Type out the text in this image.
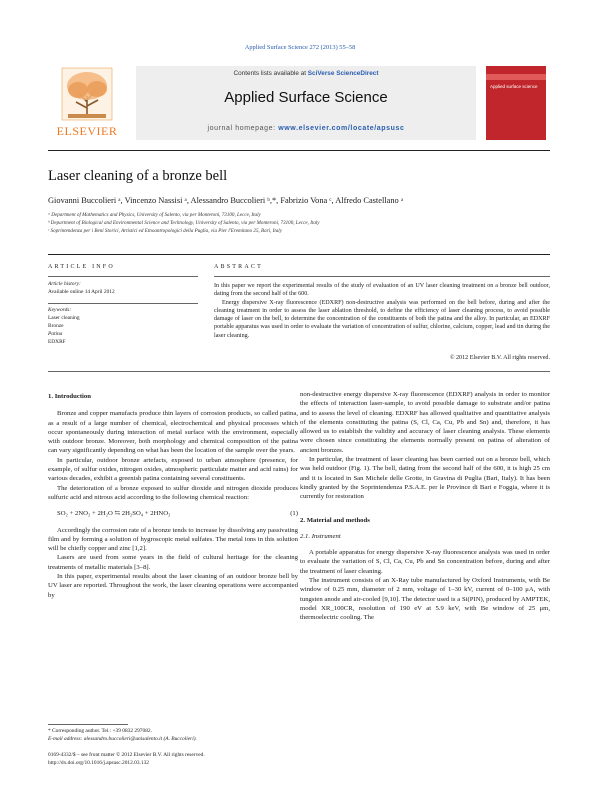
Applied Surface Science 272 (2013) 55–58
ELSEVIER
Contents lists available at SciVerse ScienceDirect
Applied Surface Science
journal homepage: www.elsevier.com/locate/apsusc
Applied surface science
Laser cleaning of a bronze bell
Giovanni Buccolieri ᵃ, Vincenzo Nassisi ᵃ, Alessandro Buccolieri ᵇ,*, Fabrizio Vona ᶜ, Alfredo Castellano ᵃ
ᵃ Department of Mathematics and Physics, University of Salento, via per Monteroni, 73100, Lecce, Italy
ᵇ Department of Biological and Environmental Science and Technology, University of Salento, via per Monteroni, 73100, Lecce, Italy
ᶜ Soprintendenza per i Beni Storici, Artistici ed Etnoantropologici della Puglia, via Pier l'Eremitano 25, Bari, Italy
ARTICLE INFO
Article history:
Available online 14 April 2012
Keywords:
Laser cleaning
Bronze
Patina
EDXRF
ABSTRACT

In this paper we report the experimental results of the study of evaluation of an UV laser cleaning treatment on a bronze bell outdoor, dating from the second half of the 600.

Energy dispersive X-ray fluorescence (EDXRF) non-destructive analysis was performed on the bell before, during and after the cleaning treatment in order to assess the laser ablation threshold, to define the efficiency of laser cleaning process, to avoid possible damage of laser on the bell, to determine the concentration of the constituents of both the patina and the alloy. In particular, an EDXRF portable apparatus was used in order to evaluate the variation of concentration of sulfur, chlorine, calcium, copper, lead and tin during the laser cleaning.

© 2012 Elsevier B.V. All rights reserved.

1. Introduction

Bronze and copper manufacts produce thin layers of corrosion products, so called patina, as a result of a large number of chemical, electrochemical and physical processes which occur spontaneously during interaction of metal surface with the environment, especially with outdoor bronze. Moreover, both morphology and chemical composition of the patina can vary significantly depending on what has been the location of the sample over the years.

In particular, outdoor bronze artefacts, exposed to urban atmosphere (presence, for example, of sulfur oxides, nitrogen oxides, atmospheric particulate matter and acid rains) for various decades, exhibit a greenish patina containing several constituents.

The deterioration of a bronze exposed to sulfur dioxide and nitrogen dioxide produces sulfuric acid and nitrous acid according to the following chemical reaction:

SO₂ + 2NO₂ + 2H₂O ⇆ 2H₂SO₄ + 2HNO₂	(1)

Accordingly the corrosion rate of a bronze tends to increase by dissolving any passivating film and by forming a solution of hygroscopic metal sulfates. The metal ions in this solution will be chiefly copper and zinc [1,2].

Lasers are used from some years in the field of cultural heritage for the cleaning treatments of metallic materials [3–8].

In this paper, experimental results about the laser cleaning of an outdoor bronze bell by UV laser are reported. Throughout the work, the laser cleaning operations were accompanied by

non-destructive energy dispersive X-ray fluorescence (EDXRF) analysis in order to monitor the effects of interaction laser-sample, to avoid possible damage to substrate and/or patina and to assess the level of cleaning. EDXRF has allowed qualitative and quantitative analysis of the elements constituting the patina (S, Cl, Ca, Cu, Pb and Sn) and, therefore, it has allowed us to establish the validity and accuracy of laser cleaning analysis. These elements were chosen since constituting the elements normally present on patina of alteration of ancient bronzes.

In particular, the treatment of laser cleaning has been carried out on a bronze bell, which was held outdoor (Fig. 1). The bell, dating from the second half of the 600, it is high 25 cm and it is located in San Michele delle Grotte, in Gravina di Puglia (Bari, Italy). It has been kindly granted by the Soprintendenza P.S.A.E. per le Province di Bari e Foggia, where it is currently for restoration

2. Material and methods

2.1. Instrument

A portable apparatus for energy dispersive X-ray fluorescence analysis was used in order to evaluate the variation of S, Cl, Ca, Cu, Pb and Sn concentration before, during and after the treatment of laser cleaning.

The instrument consists of an X-Ray tube manufactured by Oxford Instruments, with Be window of 0.25 mm, diameter of 2 mm, voltage of 1–30 kV, current of 0–100 μA, with tungsten anode and air-cooled [9,10]. The detector used is a Si(PIN), produced by AMPTEK, model XR_100CR, resolution of 190 eV at 5.9 keV, with Be window of 25 μm, thermoelectric cooling. The

* Corresponding author. Tel.: +39 0832 297082.
E-mail address: alessandro.buccolieri@unisalento.it (A. Buccolieri).
0169-4332/$ – see front matter © 2012 Elsevier B.V. All rights reserved.
http://dx.doi.org/10.1016/j.apsusc.2012.03.132
